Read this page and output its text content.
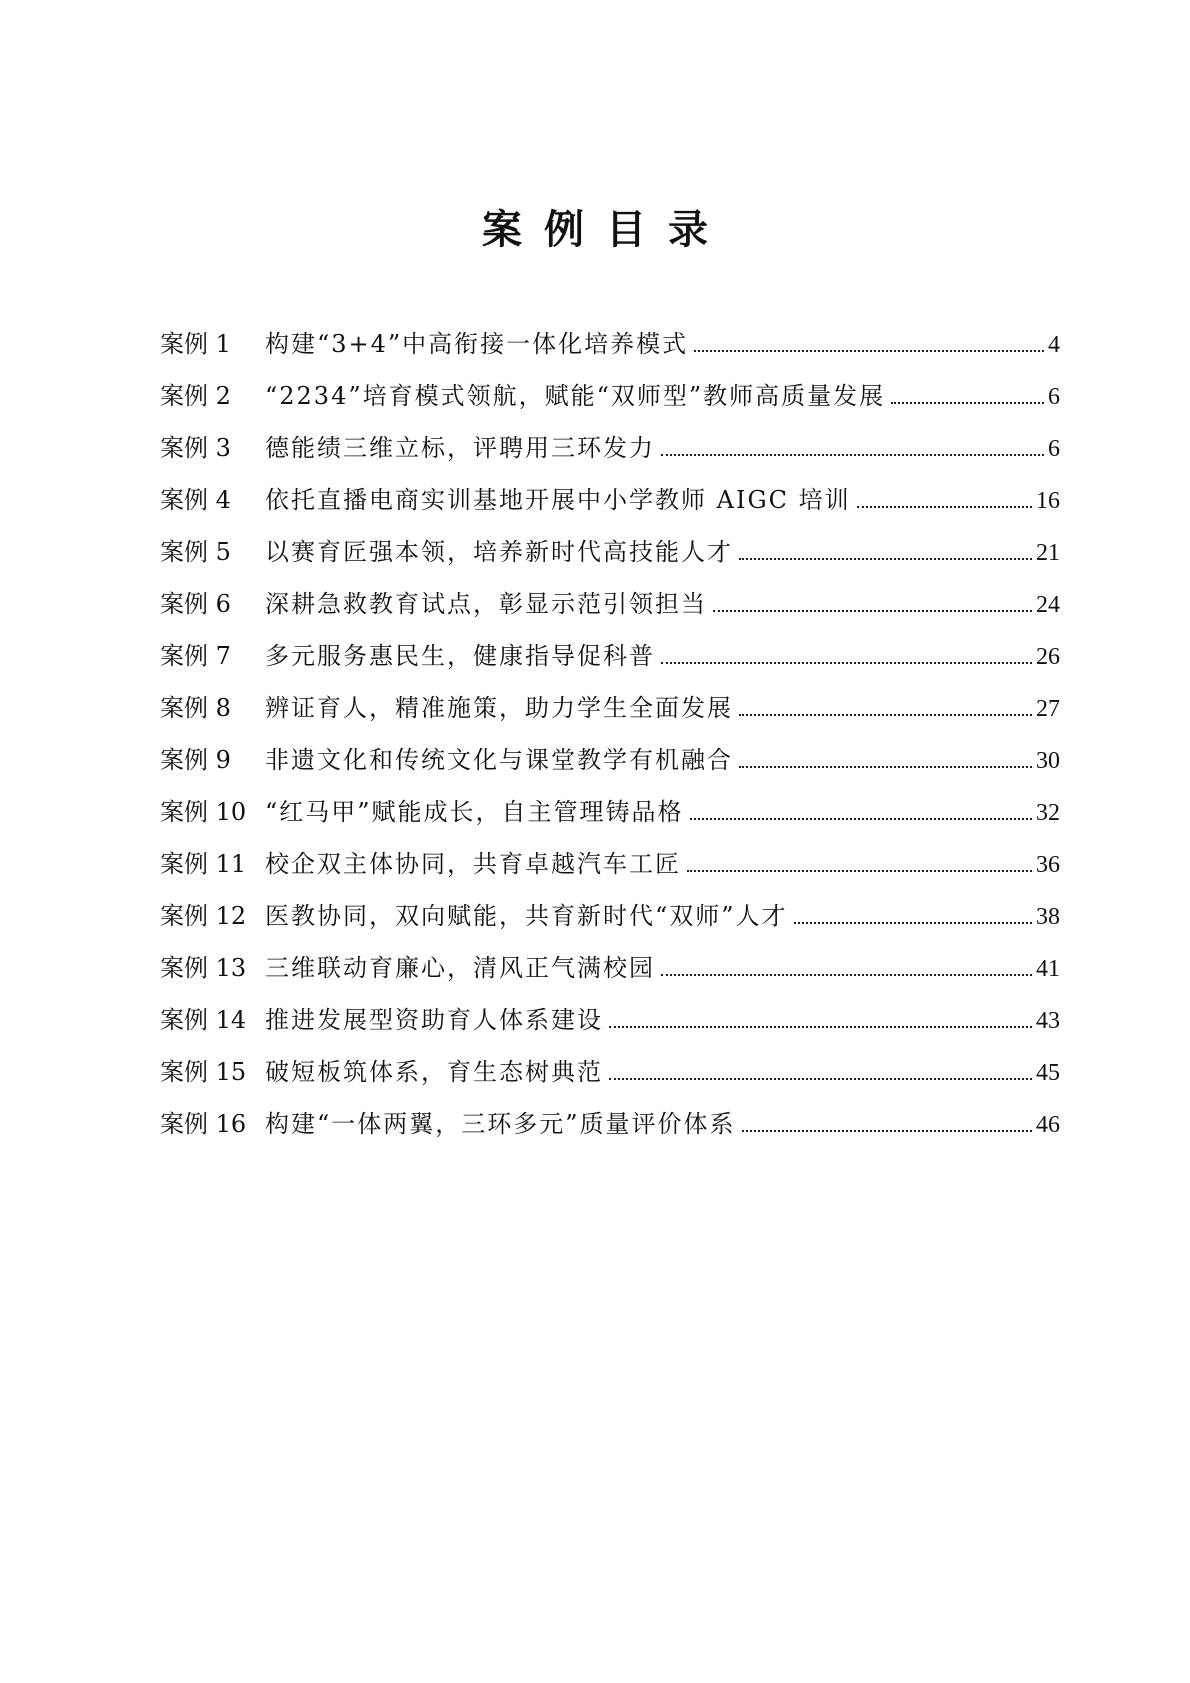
案例目录
案例 1	构建“3+4”中高衔接一体化培养模式	4
案例 2	“2234”培育模式领航，赋能“双师型”教师高质量发展	6
案例 3	德能绩三维立标，评聘用三环发力	6
案例 4	依托直播电商实训基地开展中小学教师 AIGC 培训	16
案例 5	以赛育匠强本领，培养新时代高技能人才	21
案例 6	深耕急救教育试点，彰显示范引领担当	24
案例 7	多元服务惠民生，健康指导促科普	26
案例 8	辨证育人，精准施策，助力学生全面发展	27
案例 9	非遗文化和传统文化与课堂教学有机融合	30
案例 10 “红马甲”赋能成长，自主管理铸品格	32
案例 11 校企双主体协同，共育卓越汽车工匠	36
案例 12 医教协同，双向赋能，共育新时代“双师”人才	38
案例 13 三维联动育廉心，清风正气满校园	41
案例 14 推进发展型资助育人体系建设	43
案例 15 破短板筑体系，育生态树典范	45
案例 16 构建“一体两翼，三环多元”质量评价体系	46
